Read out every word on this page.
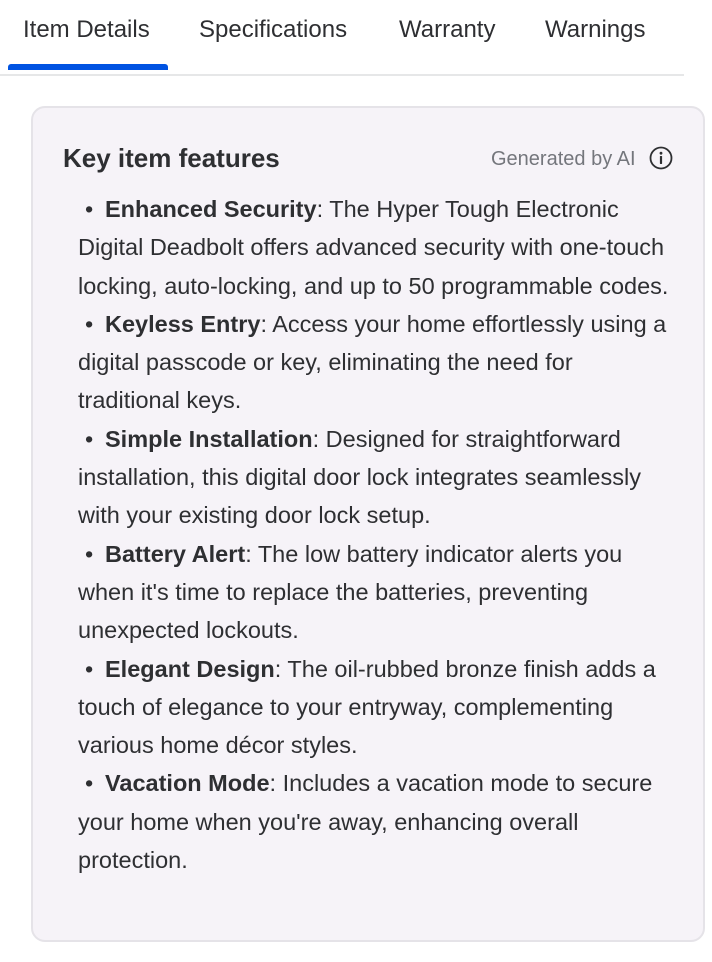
Item Details Specifications Warranty Warnings
Key item features	Generated by AI

• Enhanced Security: The Hyper Tough Electronic Digital Deadbolt offers advanced security with one-touch locking, auto-locking, and up to 50 programmable codes.

• Keyless Entry: Access your home effortlessly using a digital passcode or key, eliminating the need for traditional keys.

• Simple Installation: Designed for straightforward installation, this digital door lock integrates seamlessly with your existing door lock setup.

• Battery Alert: The low battery indicator alerts you when it's time to replace the batteries, preventing unexpected lockouts.

• Elegant Design: The oil-rubbed bronze finish adds a touch of elegance to your entryway, complementing various home décor styles.

• Vacation Mode: Includes a vacation mode to secure your home when you're away, enhancing overall protection.
